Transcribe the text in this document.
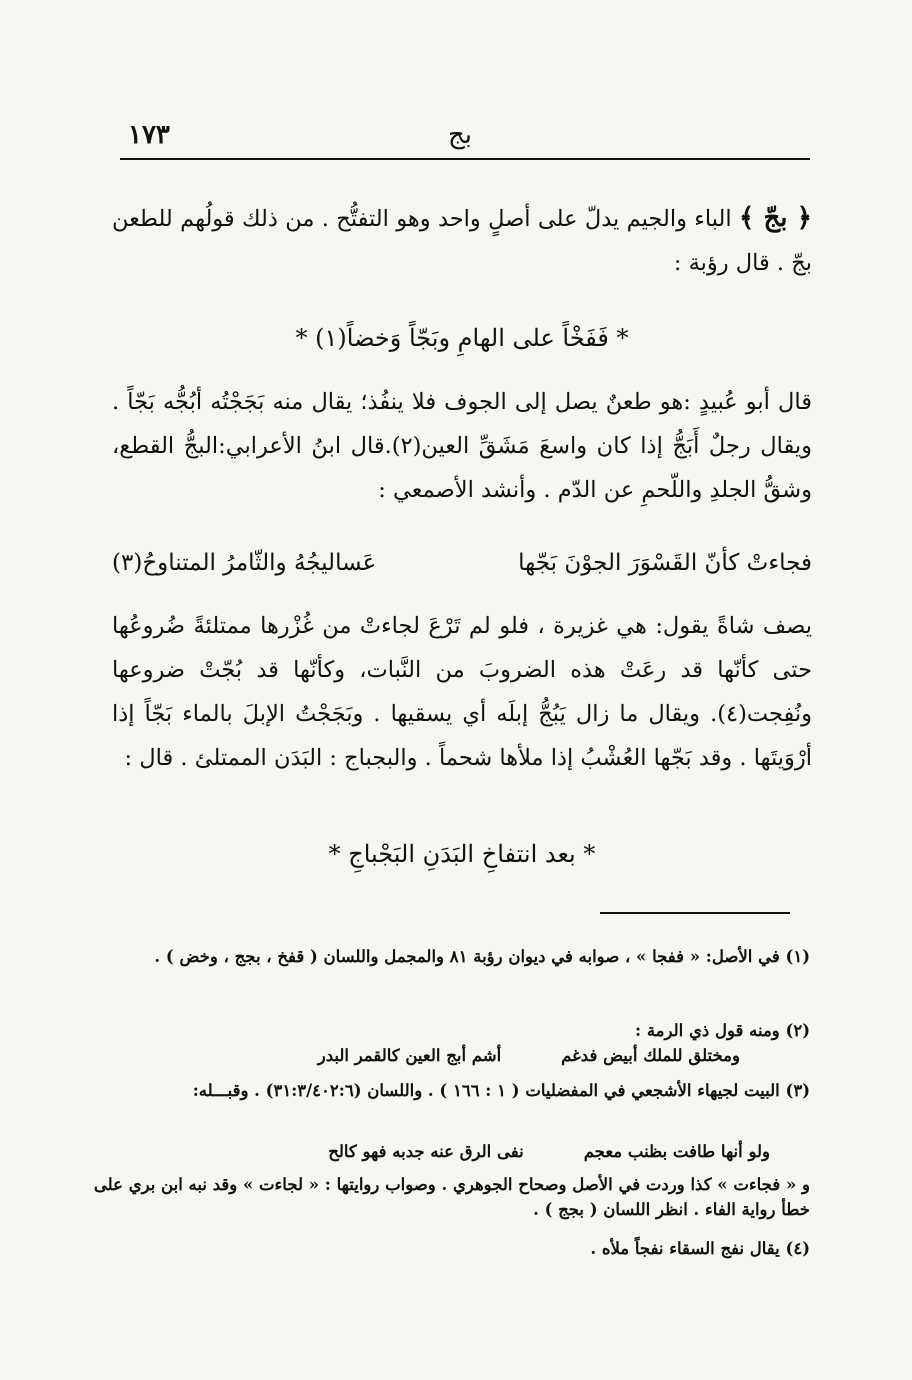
١٧٣	بج
﴿ بجّ ﴾ الباء والجيم يدلّ على أصلٍ واحد وهو التفتُّح . من ذلك قولُهم للطعن بجّ . قال رؤبة :
* فَفَخْاً على الهامِ وبَجّاً وَخضاً(١) *
قال أبو عُبيدٍ :هو طعنٌ يصل إلى الجوف فلا ينفُذ؛ يقال منه بَجَجْتُه أبُجُّه بَجّاً . ويقال رجلٌ أَبَجُّ إذا كان واسعَ مَشَقِّ العين(٢).قال ابنُ الأعرابي:البجُّ القطع، وشقُّ الجلدِ واللّحمِ عن الدّم . وأنشد الأصمعي :
فجاءتْ كأنّ القَسْوَرَ الجوْنَ بَجّها
عَساليجُهُ والثّامرُ المتناوحُ(٣)
يصف شاةً يقول: هي غزيرة ، فلو لم تَرْعَ لجاءتْ من غُزْرها ممتلئةً ضُروعُها حتى كأنّها قد رعَتْ هذه الضروبَ من النَّبات، وكأنّها قد بُجّتْ ضروعها ونُفِجت(٤). ويقال ما زال يَبُجُّ إبلَه أي يسقيها . وبَجَجْتُ الإبلَ بالماء بَجّاً إذا أرْوَيتَها . وقد بَجّها العُشْبُ إذا ملأها شحماً . والبجباج : البَدَن الممتلئ . قال :
* بعد انتفاخِ البَدَنِ البَجْباجِ *
(١) في الأصل: « ففجا » ، صوابه في ديوان رؤبة ٨١ والمجمل واللسان ( قفخ ، بجج ، وخض ) .
(٢) ومنه قول ذي الرمة :
ومختلق للملك أبيض فدغم
أشم أبج العين كالقمر البدر
(٣) البيت لجيهاء الأشجعي في المفضليات ( ١ : ١٦٦ ) . واللسان (٣١:٣/٤٠٢:٦) . وقبـــله:
ولو أنها طافت بظنب معجم
نفى الرق عنه جدبه فهو كالح
و « فجاءت » كذا وردت في الأصل وصحاح الجوهري . وصواب روايتها : « لجاءت » وقد نبه ابن بري على خطأ رواية الفاء . انظر اللسان ( بجج ) .
(٤) يقال نفج السقاء نفجاً ملأه .
